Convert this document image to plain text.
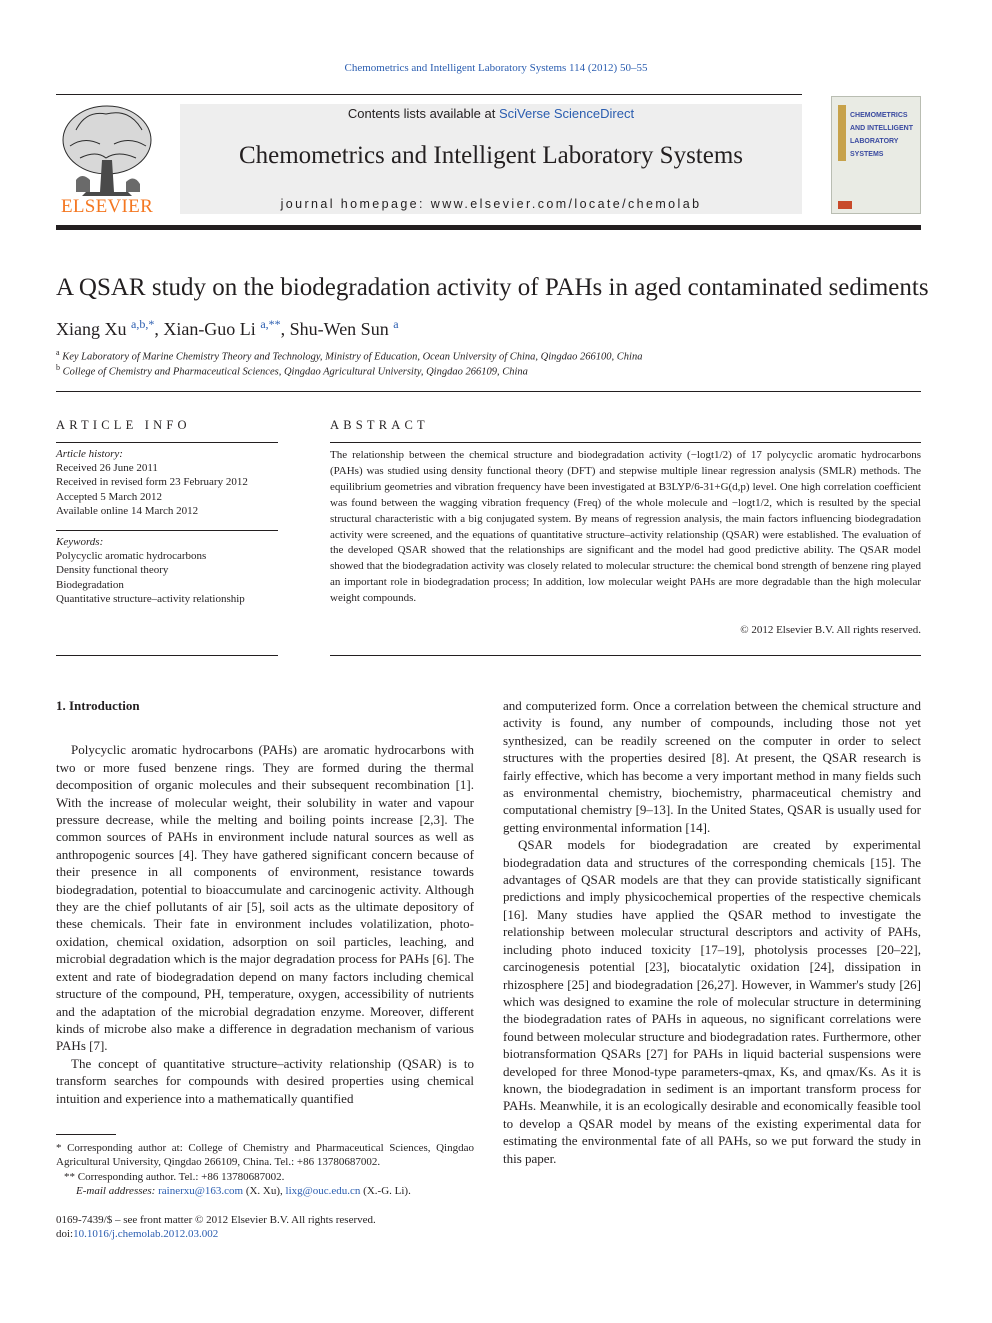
Chemometrics and Intelligent Laboratory Systems 114 (2012) 50–55
ELSEVIER
Contents lists available at SciVerse ScienceDirect
Chemometrics and Intelligent Laboratory Systems
journal homepage: www.elsevier.com/locate/chemolab
CHEMOMETRICS AND INTELLIGENT LABORATORY SYSTEMS
A QSAR study on the biodegradation activity of PAHs in aged contaminated sediments
Xiang Xu $^{a,b,*}$, Xian-Guo Li $^{a,**}$, Shu-Wen Sun $^a$
$^a$ Key Laboratory of Marine Chemistry Theory and Technology, Ministry of Education, Ocean University of China, Qingdao 266100, China
$^b$ College of Chemistry and Pharmaceutical Sciences, Qingdao Agricultural University, Qingdao 266109, China
ARTICLE INFO	ABSTRACT
Article history:
Received 26 June 2011
Received in revised form 23 February 2012
Accepted 5 March 2012
Available online 14 March 2012
Keywords:
Polycyclic aromatic hydrocarbons
Density functional theory
Biodegradation
Quantitative structure–activity relationship
The relationship between the chemical structure and biodegradation activity (−logt1/2) of 17 polycyclic aromatic hydrocarbons (PAHs) was studied using density functional theory (DFT) and stepwise multiple linear regression analysis (SMLR) methods. The equilibrium geometries and vibration frequency have been investigated at B3LYP/6-31+G(d,p) level. One high correlation coefficient was found between the wagging vibration frequency (Freq) of the whole molecule and −logt1/2, which is resulted by the special structural characteristic with a big conjugated system. By means of regression analysis, the main factors influencing biodegradation activity were screened, and the equations of quantitative structure–activity relationship (QSAR) were established. The evaluation of the developed QSAR showed that the relationships are significant and the model had good predictive ability. The QSAR model showed that the biodegradation activity was closely related to molecular structure: the chemical bond strength of benzene ring played an important role in biodegradation process; In addition, low molecular weight PAHs are more degradable than the high molecular weight compounds.
© 2012 Elsevier B.V. All rights reserved.

1. Introduction

Polycyclic aromatic hydrocarbons (PAHs) are aromatic hydrocarbons with two or more fused benzene rings. They are formed during the thermal decomposition of organic molecules and their subsequent recombination [1]. With the increase of molecular weight, their solubility in water and vapour pressure decrease, while the melting and boiling points increase [2,3]. The common sources of PAHs in environment include natural sources as well as anthropogenic sources [4]. They have gathered significant concern because of their presence in all components of environment, resistance towards biodegradation, potential to bioaccumulate and carcinogenic activity. Although they are the chief pollutants of air [5], soil acts as the ultimate depository of these chemicals. Their fate in environment includes volatilization, photo-oxidation, chemical oxidation, adsorption on soil particles, leaching, and microbial degradation which is the major degradation process for PAHs [6]. The extent and rate of biodegradation depend on many factors including chemical structure of the compound, PH, temperature, oxygen, accessibility of nutrients and the adaptation of the microbial degradation enzyme. Moreover, different kinds of microbe also make a difference in degradation mechanism of various PAHs [7].

The concept of quantitative structure–activity relationship (QSAR) is to transform searches for compounds with desired properties using chemical intuition and experience into a mathematically quantified

and computerized form. Once a correlation between the chemical structure and activity is found, any number of compounds, including those not yet synthesized, can be readily screened on the computer in order to select structures with the properties desired [8]. At present, the QSAR research is fairly effective, which has become a very important method in many fields such as environmental chemistry, biochemistry, pharmaceutical chemistry and computational chemistry [9–13]. In the United States, QSAR is usually used for getting environmental information [14].

QSAR models for biodegradation are created by experimental biodegradation data and structures of the corresponding chemicals [15]. The advantages of QSAR models are that they can provide statistically significant predictions and imply physicochemical properties of the respective chemicals [16]. Many studies have applied the QSAR method to investigate the relationship between molecular structural descriptors and activity of PAHs, including photo induced toxicity [17–19], photolysis processes [20–22], carcinogenesis potential [23], biocatalytic oxidation [24], dissipation in rhizosphere [25] and biodegradation [26,27]. However, in Wammer's study [26] which was designed to examine the role of molecular structure in determining the biodegradation rates of PAHs in aqueous, no significant correlations were found between molecular structure and biodegradation rates. Furthermore, other biotransformation QSARs [27] for PAHs in liquid bacterial suspensions were developed for three Monod-type parameters-qmax, Ks, and qmax/Ks. As it is known, the biodegradation in sediment is an important transform process for PAHs. Meanwhile, it is an ecologically desirable and economically feasible tool to develop a QSAR model by means of the existing experimental data for estimating the environmental fate of all PAHs, so we put forward the study in this paper.

* Corresponding author at: College of Chemistry and Pharmaceutical Sciences, Qingdao Agricultural University, Qingdao 266109, China. Tel.: +86 13780687002.

** Corresponding author. Tel.: +86 13780687002.

E-mail addresses: rainerxu@163.com (X. Xu), lixg@ouc.edu.cn (X.-G. Li).

0169-7439/$ – see front matter © 2012 Elsevier B.V. All rights reserved.

doi:10.1016/j.chemolab.2012.03.002
